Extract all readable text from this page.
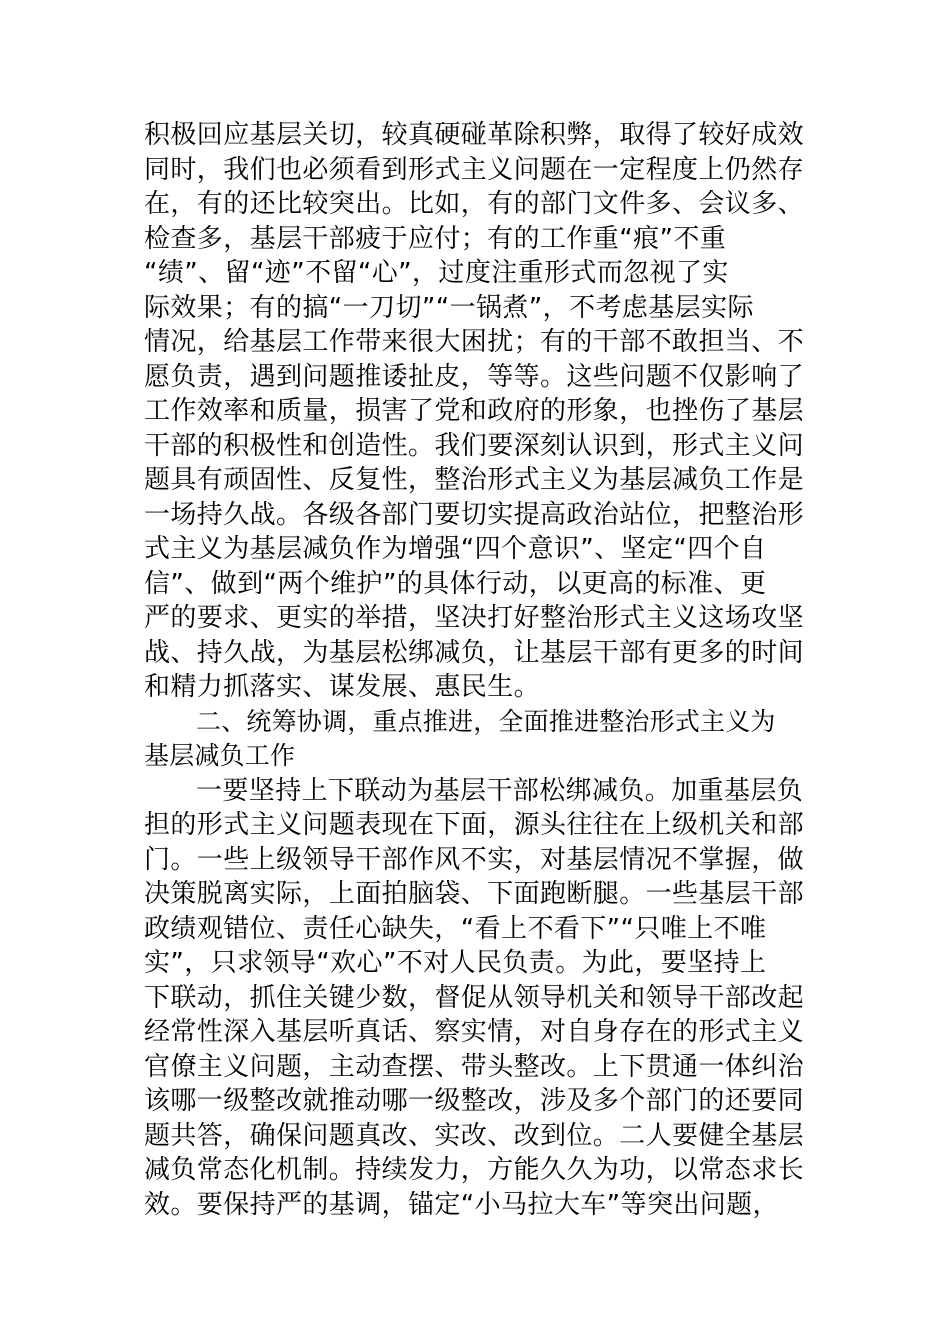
积极回应基层关切，较真硬碰革除积弊，取得了较好成效
同时，我们也必须看到形式主义问题在一定程度上仍然存
在，有的还比较突出。比如，有的部门文件多、会议多、
检查多，基层干部疲于应付；有的工作重“痕”不重
“绩”、留“迹”不留“心”，过度注重形式而忽视了实
际效果；有的搞“一刀切”“一锅煮”，不考虑基层实际
情况，给基层工作带来很大困扰；有的干部不敢担当、不
愿负责，遇到问题推诿扯皮，等等。这些问题不仅影响了
工作效率和质量，损害了党和政府的形象，也挫伤了基层
干部的积极性和创造性。我们要深刻认识到，形式主义问
题具有顽固性、反复性，整治形式主义为基层减负工作是
一场持久战。各级各部门要切实提高政治站位，把整治形
式主义为基层减负作为增强“四个意识”、坚定“四个自
信”、做到“两个维护”的具体行动，以更高的标准、更
严的要求、更实的举措，坚决打好整治形式主义这场攻坚
战、持久战，为基层松绑减负，让基层干部有更多的时间
和精力抓落实、谋发展、惠民生。
二、统筹协调，重点推进，全面推进整治形式主义为
基层减负工作
一要坚持上下联动为基层干部松绑减负。加重基层负
担的形式主义问题表现在下面，源头往往在上级机关和部
门。一些上级领导干部作风不实，对基层情况不掌握，做
决策脱离实际，上面拍脑袋、下面跑断腿。一些基层干部
政绩观错位、责任心缺失，“看上不看下”“只唯上不唯
实”，只求领导“欢心”不对人民负责。为此，要坚持上
下联动，抓住关键少数，督促从领导机关和领导干部改起
经常性深入基层听真话、察实情，对自身存在的形式主义
官僚主义问题，主动查摆、带头整改。上下贯通一体纠治
该哪一级整改就推动哪一级整改，涉及多个部门的还要同
题共答，确保问题真改、实改、改到位。二人要健全基层
减负常态化机制。持续发力，方能久久为功，以常态求长
效。要保持严的基调，锚定“小马拉大车”等突出问题，
